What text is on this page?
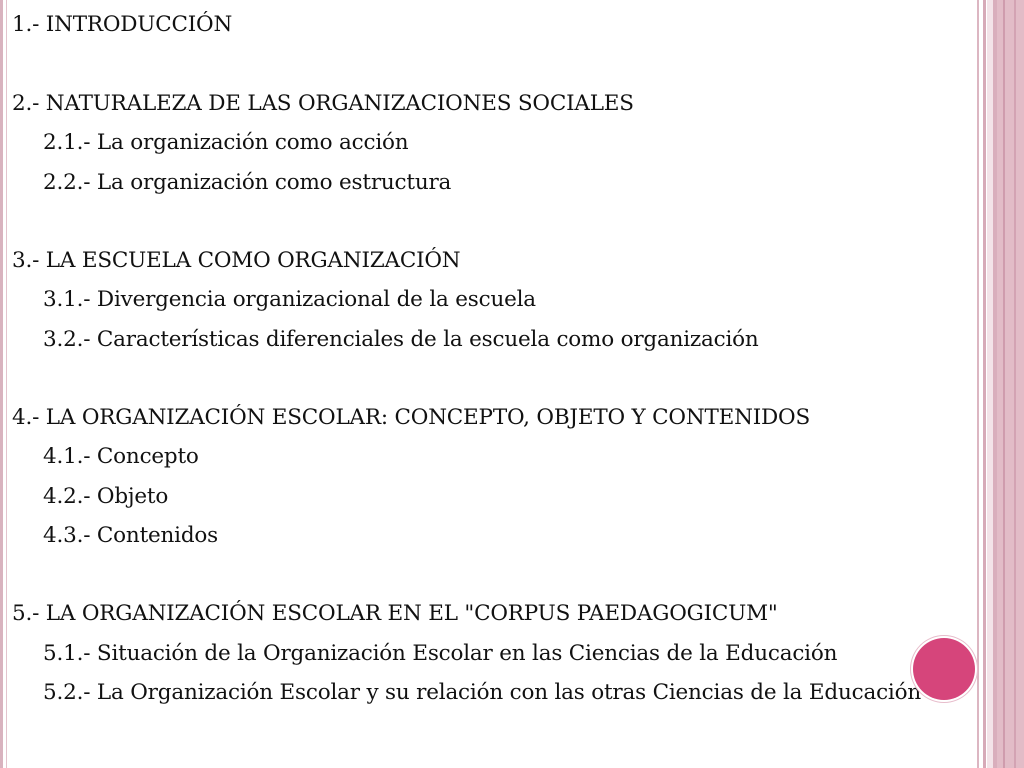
1.- INTRODUCCIÓN
2.- NATURALEZA DE LAS ORGANIZACIONES SOCIALES
2.1.- La organización como acción
2.2.- La organización como estructura
3.- LA ESCUELA COMO ORGANIZACIÓN
3.1.- Divergencia organizacional de la escuela
3.2.- Características diferenciales de la escuela como organización
4.- LA ORGANIZACIÓN ESCOLAR: CONCEPTO, OBJETO Y CONTENIDOS
4.1.- Concepto
4.2.- Objeto
4.3.- Contenidos
5.- LA ORGANIZACIÓN ESCOLAR EN EL "CORPUS PAEDAGOGICUM"
5.1.- Situación de la Organización Escolar en las Ciencias de la Educación
5.2.- La Organización Escolar y su relación con las otras Ciencias de la Educación
